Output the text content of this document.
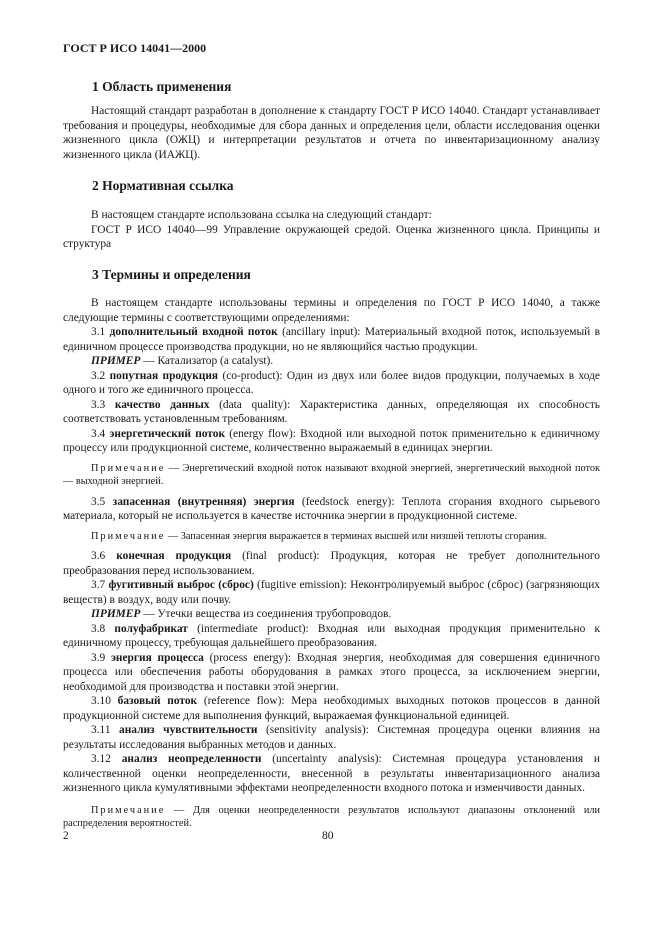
ГОСТ Р ИСО 14041—2000
1 Область применения

Настоящий стандарт разработан в дополнение к стандарту ГОСТ Р ИСО 14040. Стандарт устанавливает требования и процедуры, необходимые для сбора данных и определения цели, области исследования оценки жизненного цикла (ОЖЦ) и интерпретации результатов и отчета по инвентаризационному анализу жизненного цикла (ИАЖЦ).

2 Нормативная ссылка

В настоящем стандарте использована ссылка на следующий стандарт:

ГОСТ Р ИСО 14040—99 Управление окружающей средой. Оценка жизненного цикла. Принципы и структура

3 Термины и определения

В настоящем стандарте использованы термины и определения по ГОСТ Р ИСО 14040, а также следующие термины с соответствующими определениями:

3.1 дополнительный входной поток (ancillary input): Материальный входной поток, используемый в единичном процессе производства продукции, но не являющийся частью продукции.

ПРИМЕР — Катализатор (a catalyst).

3.2 попутная продукция (co-product): Один из двух или более видов продукции, получаемых в ходе одного и того же единичного процесса.

3.3 качество данных (data quality): Характеристика данных, определяющая их способность соответствовать установленным требованиям.

3.4 энергетический поток (energy flow): Входной или выходной поток применительно к единичному процессу или продукционной системе, количественно выражаемый в единицах энергии.

Примечание — Энергетический входной поток называют входной энергией, энергетический выходной поток — выходной энергией.

3.5 запасенная (внутренняя) энергия (feedstock energy): Теплота сгорания входного сырьевого материала, который не используется в качестве источника энергии в продукционной системе.

Примечание — Запасенная энергия выражается в терминах высшей или низшей теплоты сгорания.

3.6 конечная продукция (final product): Продукция, которая не требует дополнительного преобразования перед использованием.

3.7 фугитивный выброс (сброс) (fugitive emission): Неконтролируемый выброс (сброс) (загрязняющих веществ) в воздух, воду или почву.

ПРИМЕР — Утечки вещества из соединения трубопроводов.

3.8 полуфабрикат (intermediate product): Входная или выходная продукция применительно к единичному процессу, требующая дальнейшего преобразования.

3.9 энергия процесса (process energy): Входная энергия, необходимая для совершения единичного процесса или обеспечения работы оборудования в рамках этого процесса, за исключением энергии, необходимой для производства и поставки этой энергии.

3.10 базовый поток (reference flow): Мера необходимых выходных потоков процессов в данной продукционной системе для выполнения функций, выражаемая функциональной единицей.

3.11 анализ чувствительности (sensitivity analysis): Системная процедура оценки влияния на результаты исследования выбранных методов и данных.

3.12 анализ неопределенности (uncertainty analysis): Системная процедура установления и количественной оценки неопределенности, внесенной в результаты инвентаризационного анализа жизненного цикла кумулятивными эффектами неопределенности входного потока и изменчивости данных.

Примечание — Для оценки неопределенности результатов используют диапазоны отклонений или распределения вероятностей.

2	80
